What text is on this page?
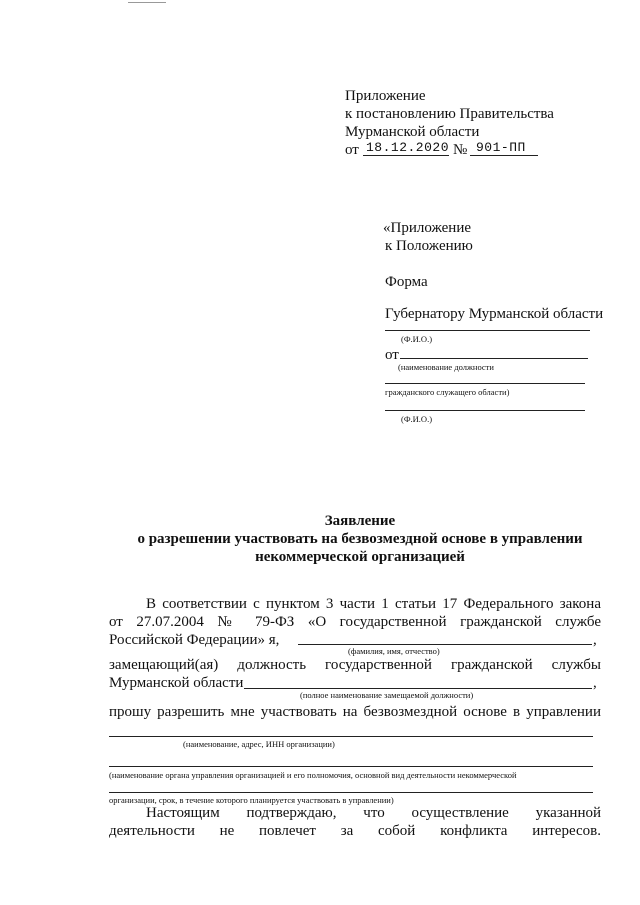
Приложение
к постановлению Правительства
Мурманской области
от 18.12.2020 № 901-ПП
«Приложение
к Положению
Форма
Губернатору Мурманской области
(Ф.И.О.)
от
(наименование должности
гражданского служащего области)
(Ф.И.О.)
Заявление
о разрешении участвовать на безвозмездной основе в управлении
некоммерческой организацией
В соответствии с пунктом 3 части 1 статьи 17 Федерального закона
от 27.07.2004 № 79-ФЗ «О государственной гражданской службе
Российской Федерации» я,	,
(фамилия, имя, отчество)
замещающий(ая) должность государственной гражданской службы
Мурманской области	,
(полное наименование замещаемой должности)
прошу разрешить мне участвовать на безвозмездной основе в управлении
(наименование, адрес, ИНН организации)
(наименование органа управления организацией и его полномочия, основной вид деятельности некоммерческой
организации, срок, в течение которого планируется участвовать в управлении)
Настоящим подтверждаю, что осуществление указанной
деятельности не повлечет за собой конфликта интересов.
